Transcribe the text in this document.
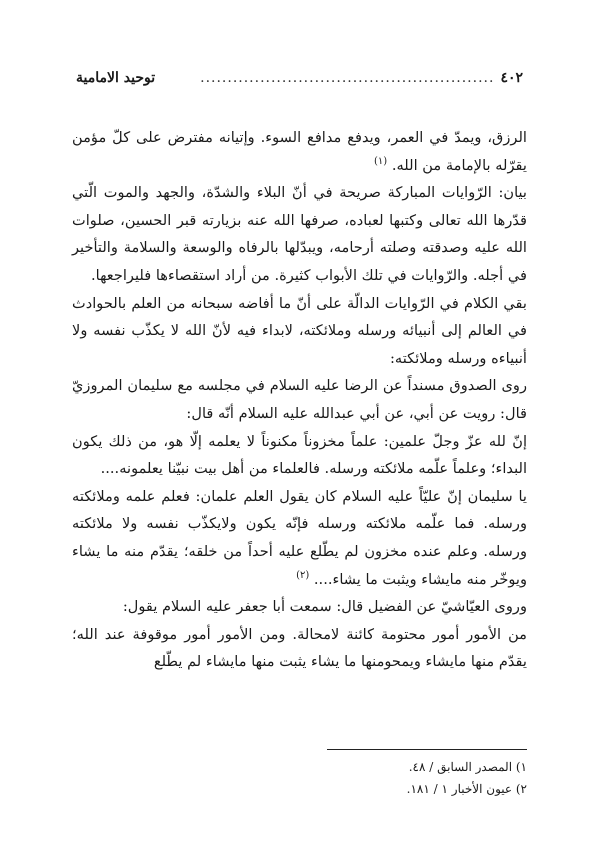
٤٠٢
......................................................
توحيد الامامية

الرزق، ويمدّ في العمر، ويدفع مدافع السوء. وإتيانه مفترض على كلّ مؤمن يقرّله بالإمامة من الله. $^{(١)}$

بيان: الرّوايات المباركة صريحة في أنّ البلاء والشدّة، والجهد والموت الّتي قدّرها الله تعالى وكتبها لعباده، صرفها الله عنه بزيارته قبر الحسين، صلوات الله عليه وصدقته وصلته أرحامه، ويبدّلها بالرفاه والوسعة والسلامة والتأخير في أجله. والرّوايات في تلك الأبواب كثيرة. من أراد استقصاءها فليراجعها.

بقي الكلام في الرّوايات الدالّة على أنّ ما أفاضه سبحانه من العلم بالحوادث في العالم إلى أنبيائه ورسله وملائكته، لابداء فيه لأنّ الله لا يكذّب نفسه ولا أنبياءه ورسله وملائكته:

روى الصدوق مسنداً عن الرضا عليه السلام في مجلسه مع سليمان المروزيّ قال: رويت عن أبي، عن أبي عبدالله عليه السلام أنّه قال:

إنّ لله عزّ وجلّ علمين: علماً مخزوناً مكنوناً لا يعلمه إلّا هو، من ذلك يكون البداء؛ وعلماً علّمه ملائكته ورسله. فالعلماء من أهل بيت نبيّنا يعلمونه....

يا سليمان إنّ عليّاً عليه السلام كان يقول العلم علمان: فعلم علمه وملائكته ورسله. فما علّمه ملائكته ورسله فإنّه يكون ولايكذّب نفسه ولا ملائكته ورسله. وعلم عنده مخزون لم يطّلع عليه أحداً من خلقه؛ يقدّم منه ما يشاء ويوخّر منه مايشاء ويثبت ما يشاء.... $^{(٢)}$

وروى العيّاشيّ عن الفضيل قال: سمعت أبا جعفر عليه السلام يقول:

من الأمور أمور محتومة كائنة لامحالة. ومن الأمور أمور موقوفة عند الله؛ يقدّم منها مايشاء ويمحومنها ما يشاء يثبت منها مايشاء لم يطّلع

١) المصدر السابق / ٤٨.
٢) عيون الأخبار ١ / ١٨١.
